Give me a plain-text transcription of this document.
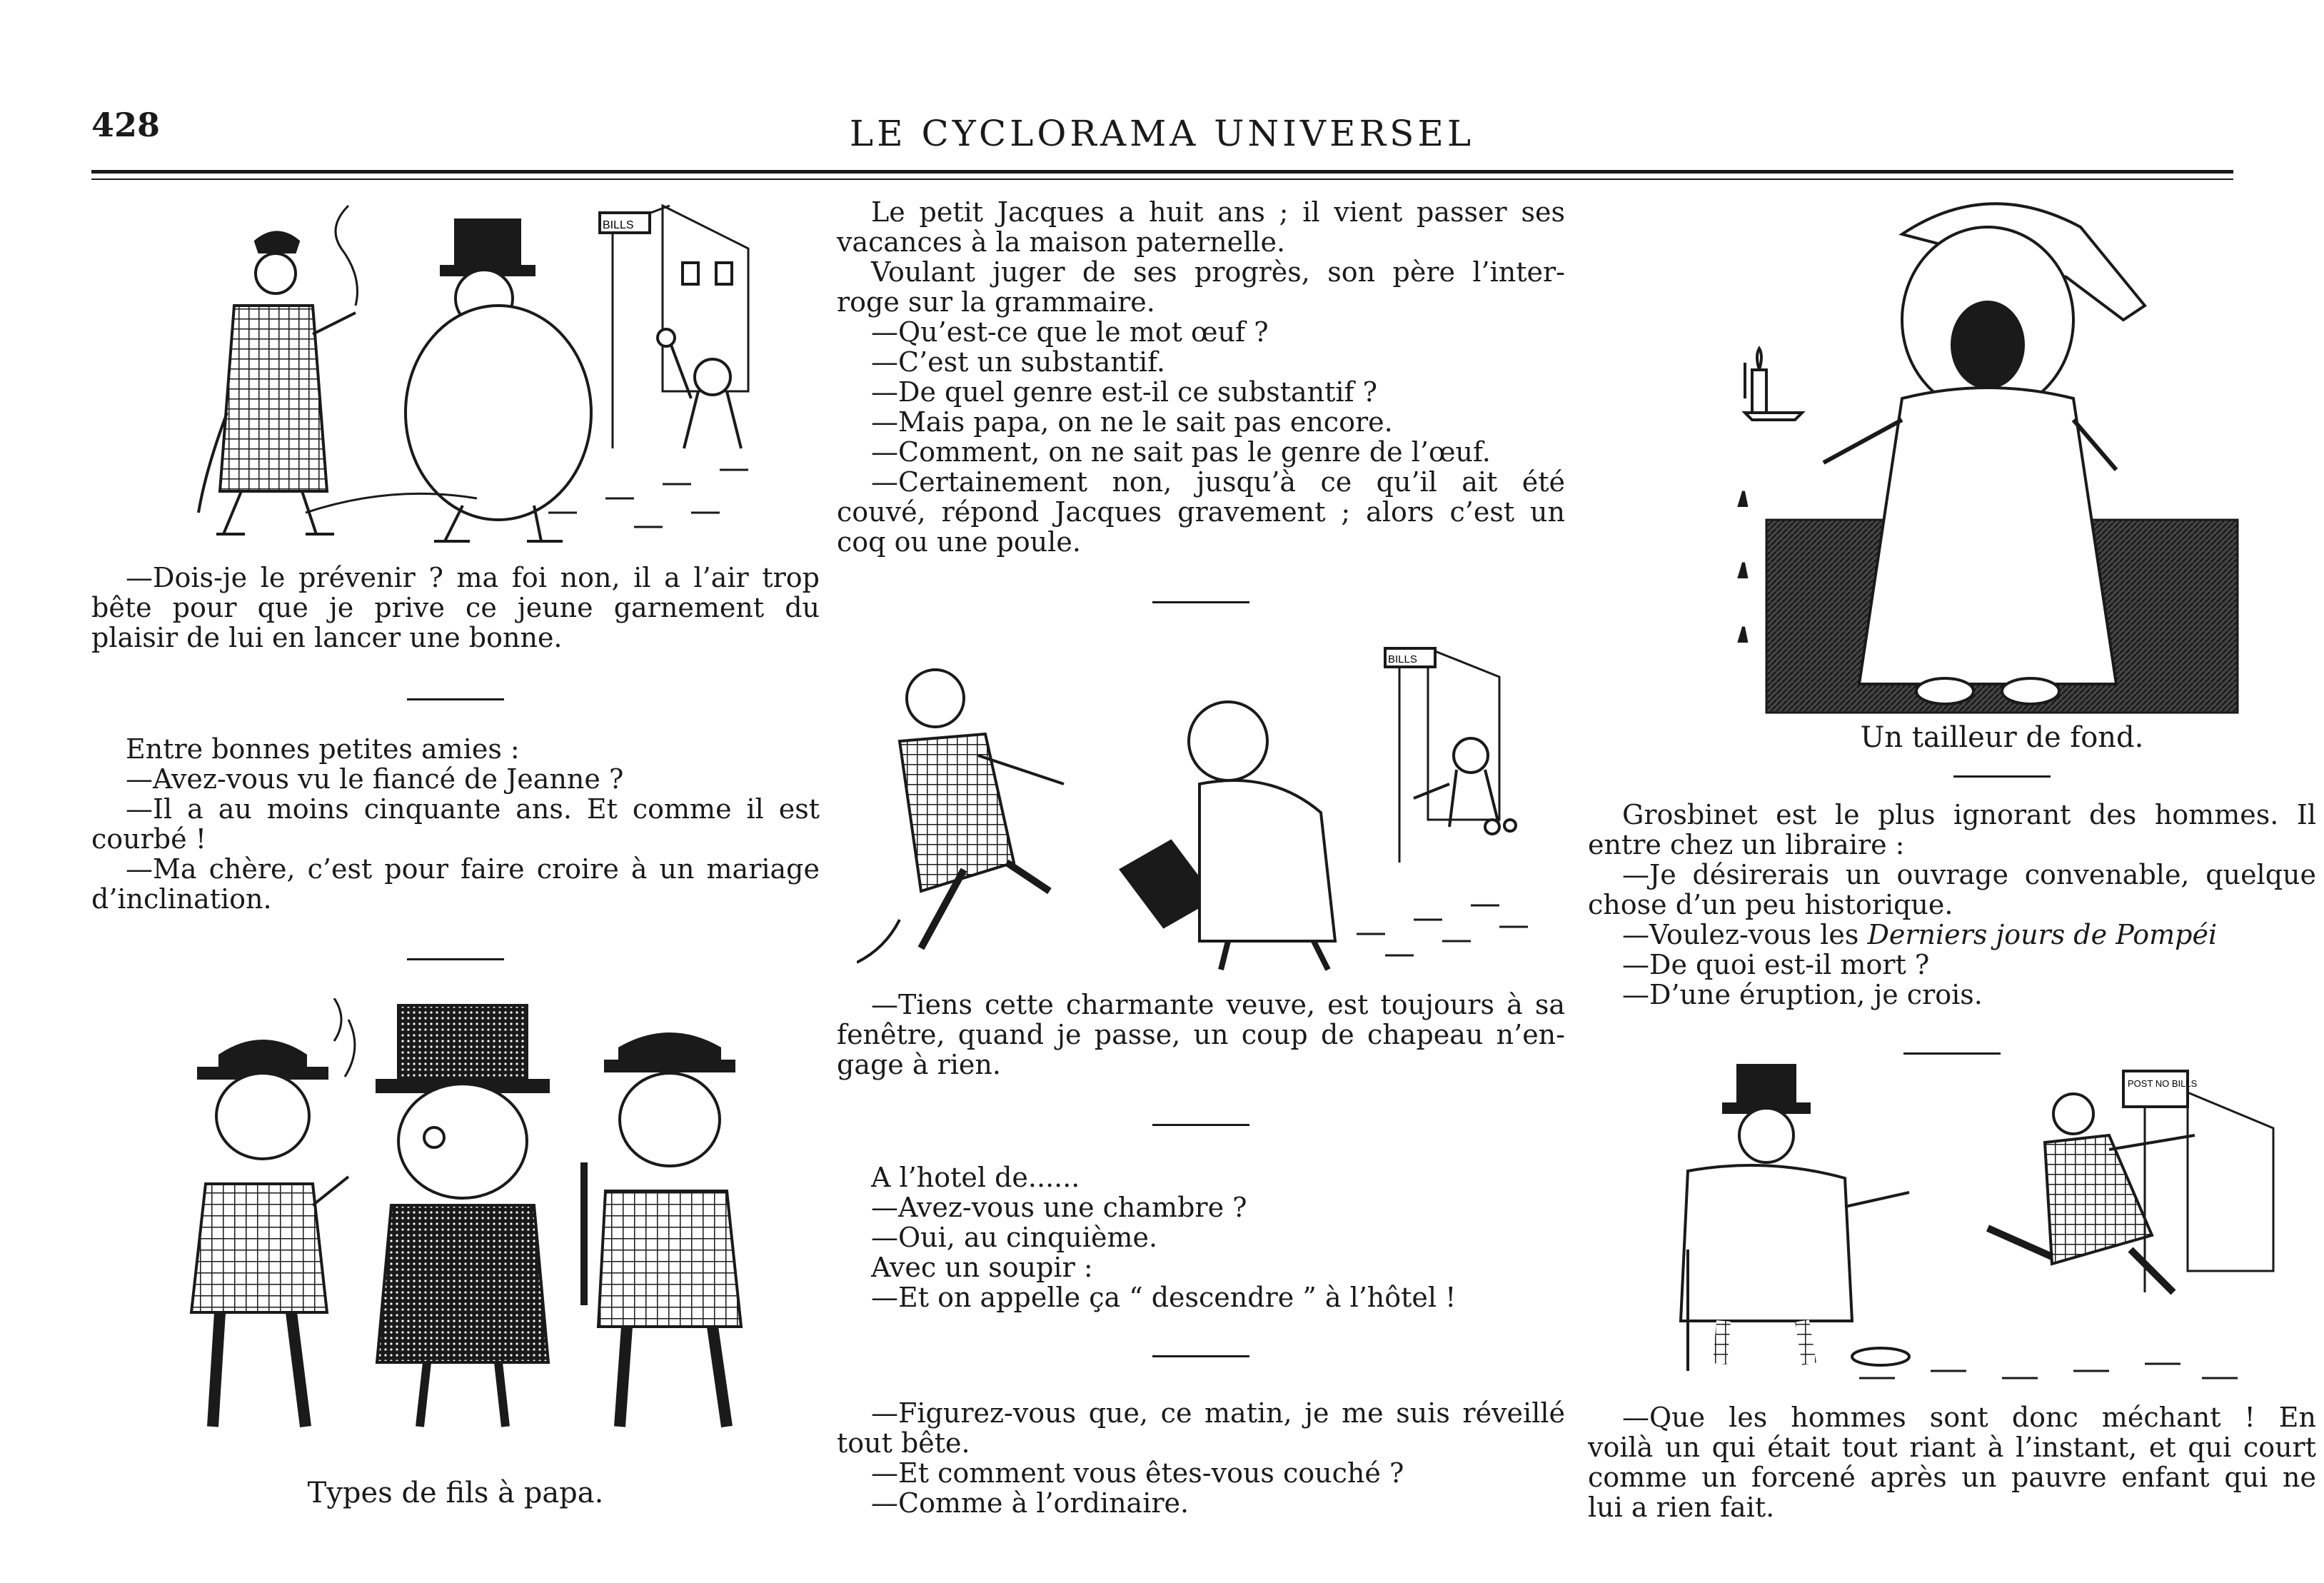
428	LE CYCLORAMA UNIVERSEL
BILLS

—Dois-je le prévenir ? ma foi non, il a l’air trop

bête pour que je prive ce jeune garnement du

plaisir de lui en lancer une bonne.

Entre bonnes petites amies :

—Avez-vous vu le fiancé de Jeanne ?

—Il a au moins cinquante ans. Et comme il est

courbé !

—Ma chère, c’est pour faire croire à un mariage

d’inclination.

Types de fils à papa.

Le petit Jacques a huit ans ; il vient passer ses

vacances à la maison paternelle.

Voulant juger de ses progrès, son père l’inter-

roge sur la grammaire.

—Qu’est-ce que le mot œuf ?

—C’est un substantif.

—De quel genre est-il ce substantif ?

—Mais papa, on ne le sait pas encore.

—Comment, on ne sait pas le genre de l’œuf.

—Certainement non, jusqu’à ce qu’il ait été

couvé, répond Jacques gravement ; alors c’est un

coq ou une poule.

BILLS

—Tiens cette charmante veuve, est toujours à sa

fenêtre, quand je passe, un coup de chapeau n’en-

gage à rien.

A l’hotel de......

—Avez-vous une chambre ?

—Oui, au cinquième.

Avec un soupir :

—Et on appelle ça “ descendre ” à l’hôtel !

—Figurez-vous que, ce matin, je me suis réveillé

tout bête.

—Et comment vous êtes-vous couché ?

—Comme à l’ordinaire.

Un tailleur de fond.

Grosbinet est le plus ignorant des hommes. Il

entre chez un libraire :

—Je désirerais un ouvrage convenable, quelque

chose d’un peu historique.

—Voulez-vous les Derniers jours de Pompéi

—De quoi est-il mort ?

—D’une éruption, je crois.

POST NO BILLS

—Que les hommes sont donc méchant ! En

voilà un qui était tout riant à l’instant, et qui court

comme un forcené après un pauvre enfant qui ne

lui a rien fait.
